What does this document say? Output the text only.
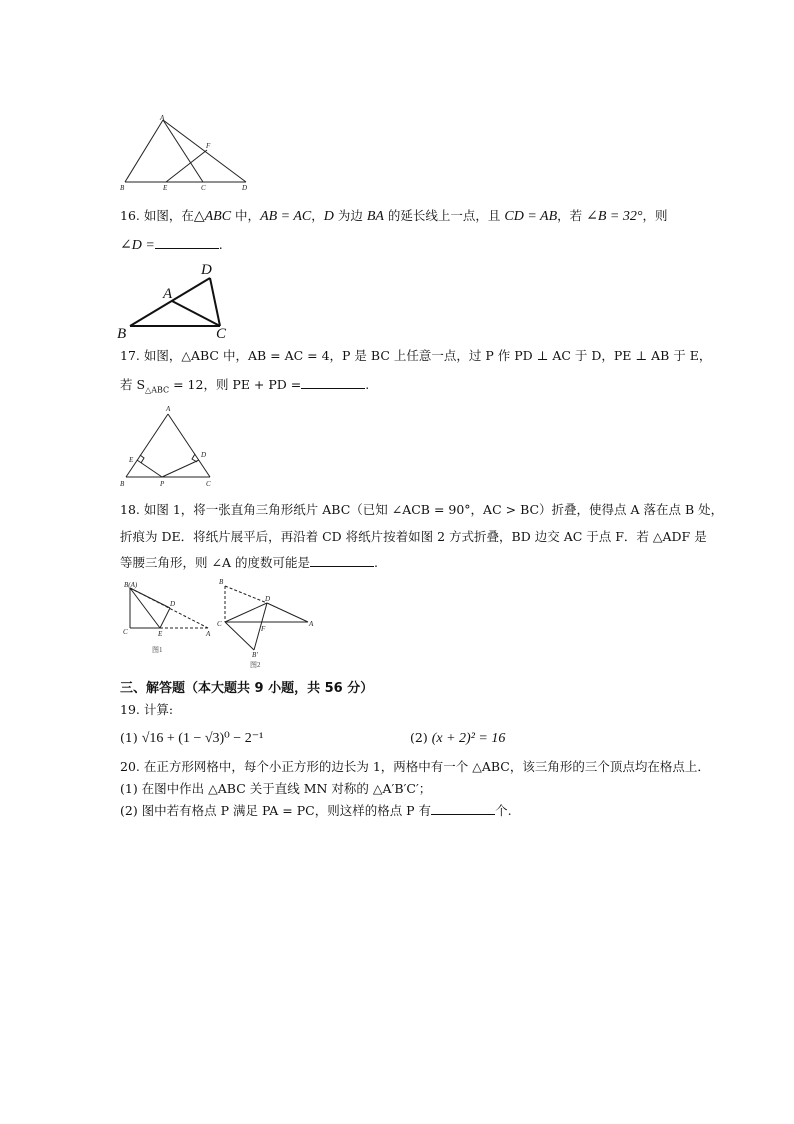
A
B	E	C	D
F
16. 如图，在△ABC 中，AB = AC，D 为边 BA 的延长线上一点，且 CD = AB，若 ∠B = 32°，则
∠D =	.
D
A
B	C
17. 如图，△ABC 中，AB = AC = 4，P 是 BC 上任意一点，过 P 作 PD ⊥ AC 于 D，PE ⊥ AB 于 E，
若 $S_{\triangle ABC} = 12$，则 PE + PD =	.
A
E
D
B	P	C
18. 如图 1，将一张直角三角形纸片 ABC（已知 ∠ACB = 90°，AC > BC）折叠，使得点 A 落在点 B 处，
折痕为 DE．将纸片展平后，再沿着 CD 将纸片按着如图 2 方式折叠，BD 边交 AC 于点 F．若 △ADF 是
等腰三角形，则 ∠A 的度数可能是	.
B(A)
D
C	E	A
图1
B
D
C
F
A
B′
图2
三、解答题（本大题共 9 小题，共 56 分）
19. 计算:
(1) √16 + (1 − √3)⁰ − 2⁻¹	(2) (x + 2)² = 16
20. 在正方形网格中，每个小正方形的边长为 1，两格中有一个 △ABC，该三角形的三个顶点均在格点上．
(1) 在图中作出 △ABC 关于直线 MN 对称的 △A′B′C′；
(2) 图中若有格点 P 满足 PA = PC，则这样的格点 P 有	个.
